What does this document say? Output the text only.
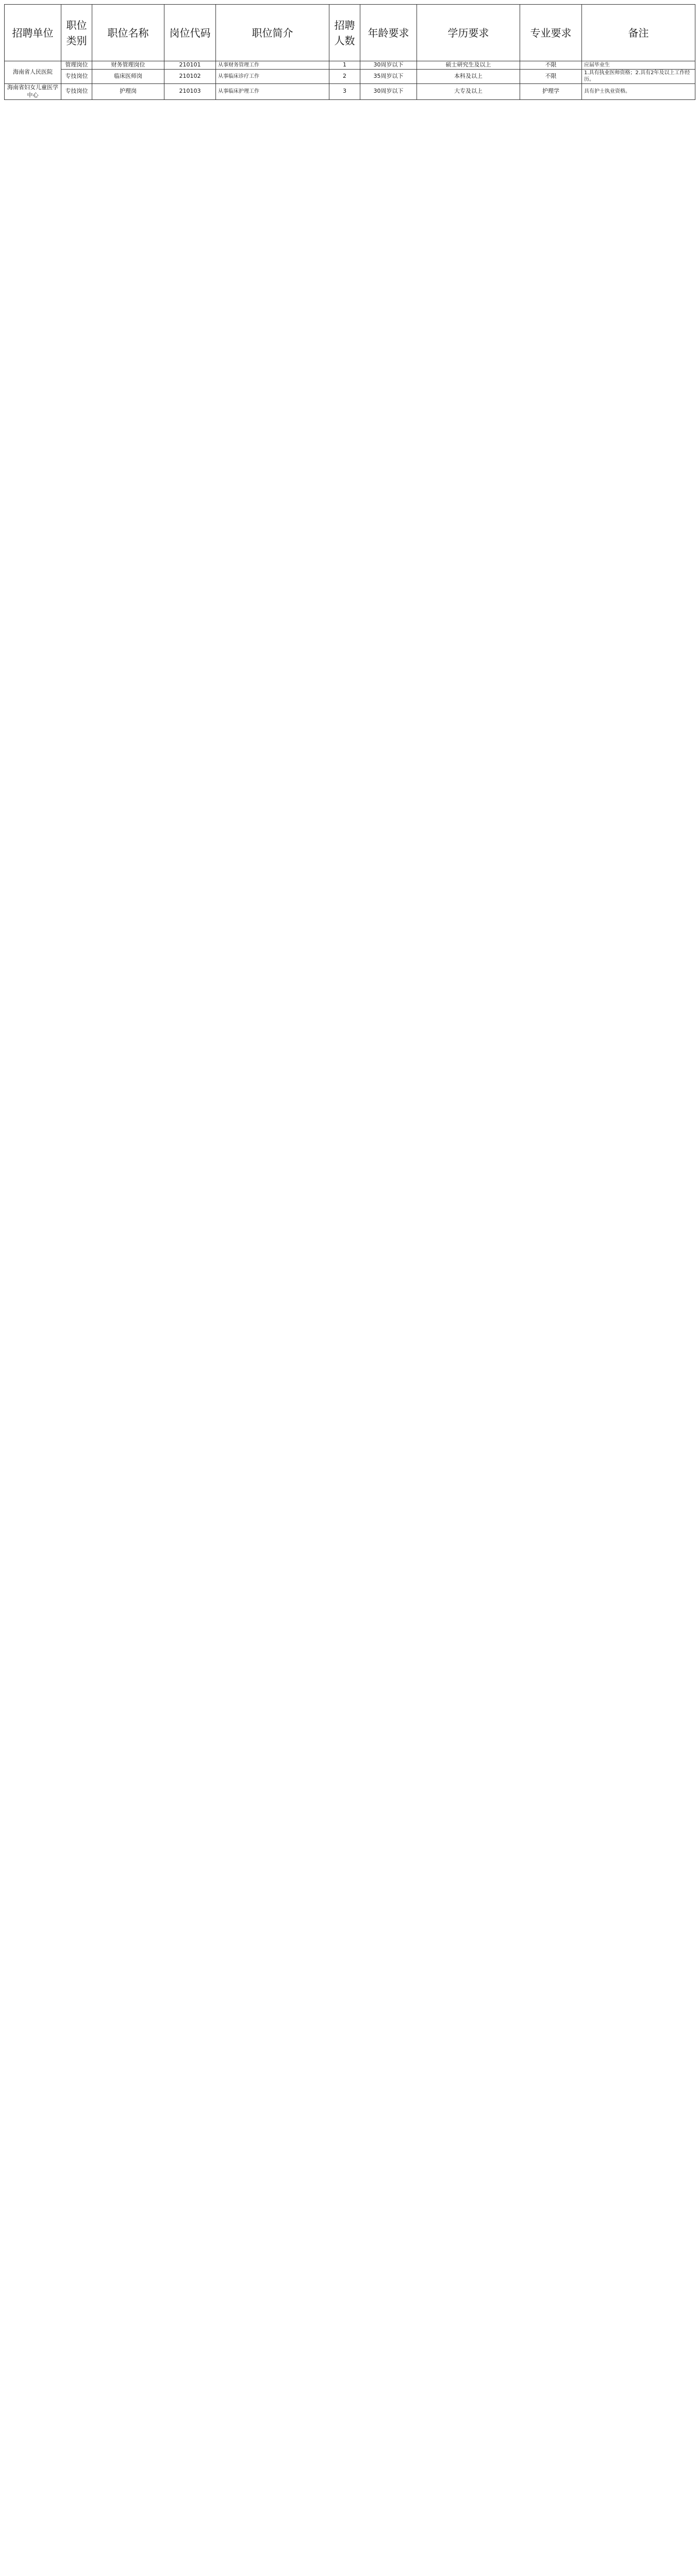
招聘单位	职位类别	职位名称	岗位代码	职位简介	招聘人数	年龄要求	学历要求	专业要求	备注
海南省人民医院	管理岗位	财务管理岗位	210101	从事财务管理工作	1	30周岁以下	硕士研究生及以上	不限	应届毕业生
	专技岗位	临床医师岗	210102	从事临床诊疗工作	2	35周岁以下	本科及以上	不限	1.具有执业医师资格；2.具有2年及以上工作经历。
海南省妇女儿童医学中心	专技岗位	护理岗	210103	从事临床护理工作	3	30周岁以下	大专及以上	护理学	具有护士执业资格。
